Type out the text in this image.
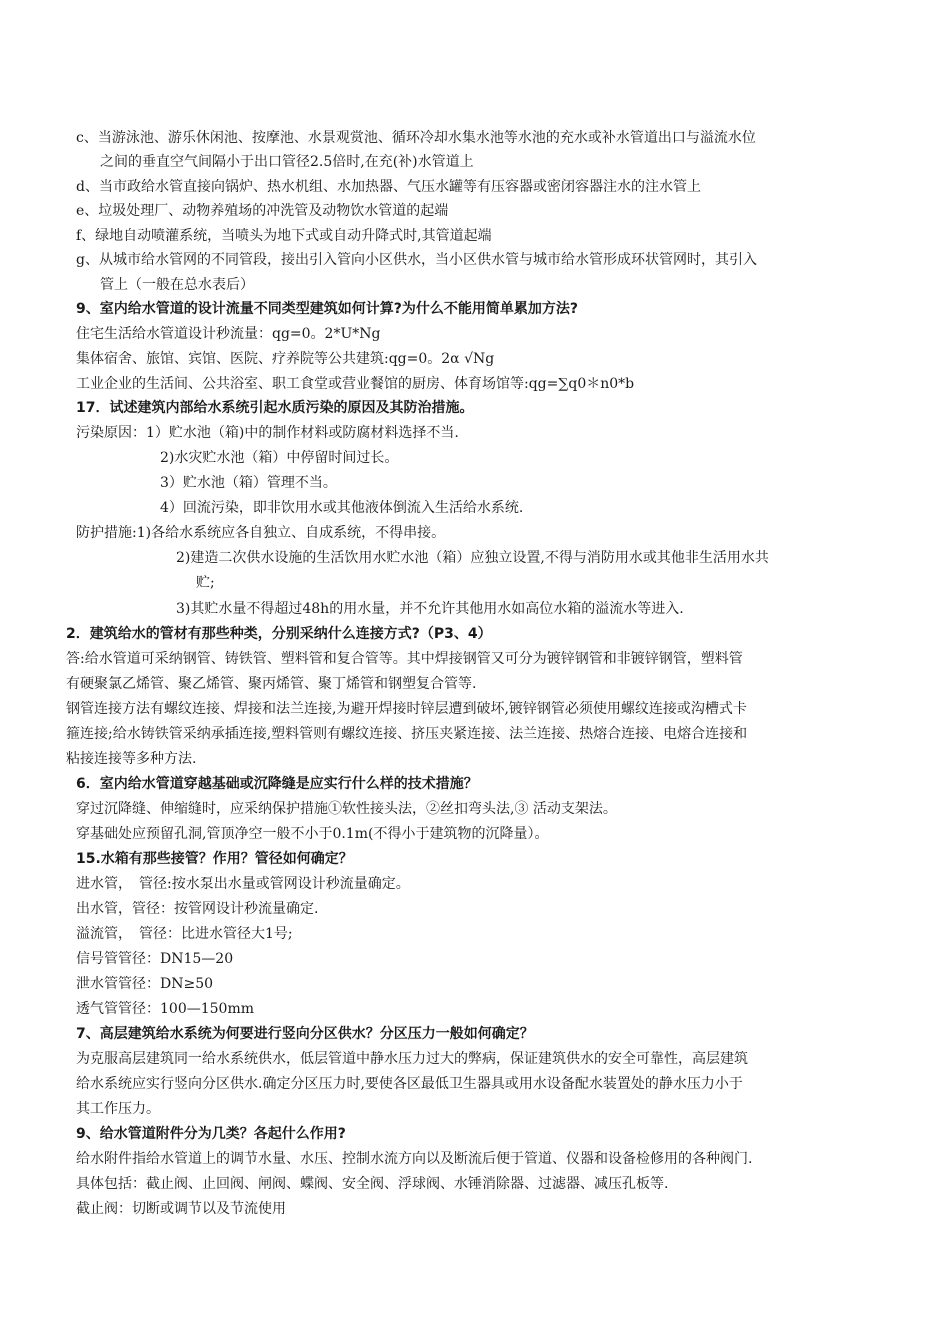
c、当游泳池、游乐休闲池、按摩池、水景观赏池、循环冷却水集水池等水池的充水或补水管道出口与溢流水位
之间的垂直空气间隔小于出口管径2.5倍时,在充(补)水管道上
d、当市政给水管直接向锅炉、热水机组、水加热器、气压水罐等有压容器或密闭容器注水的注水管上
e、垃圾处理厂、动物养殖场的冲洗管及动物饮水管道的起端
f、绿地自动喷灌系统，当喷头为地下式或自动升降式时,其管道起端
g、从城市给水管网的不同管段，接出引入管向小区供水，当小区供水管与城市给水管形成环状管网时，其引入
管上（一般在总水表后）
9、室内给水管道的设计流量不同类型建筑如何计算?为什么不能用简单累加方法?
住宅生活给水管道设计秒流量：qg=0。2*U*Ng
集体宿舍、旅馆、宾馆、医院、疗养院等公共建筑:qg=0。2α √Ng
工业企业的生活间、公共浴室、职工食堂或营业餐馆的厨房、体育场馆等:qg=∑q0＊n0*b
17．试述建筑内部给水系统引起水质污染的原因及其防治措施。
污染原因：1）贮水池（箱)中的制作材料或防腐材料选择不当.
2)水灾贮水池（箱）中停留时间过长。
3）贮水池（箱）管理不当。
4）回流污染，即非饮用水或其他液体倒流入生活给水系统.
防护措施:1)各给水系统应各自独立、自成系统，不得串接。
2)建造二次供水设施的生活饮用水贮水池（箱）应独立设置,不得与消防用水或其他非生活用水共
贮;
3)其贮水量不得超过48h的用水量，并不允许其他用水如高位水箱的溢流水等进入.
2．建筑给水的管材有那些种类，分别采纳什么连接方式?（P3、4）
答:给水管道可采纳钢管、铸铁管、塑料管和复合管等。其中焊接钢管又可分为镀锌钢管和非镀锌钢管，塑料管
有硬聚氯乙烯管、聚乙烯管、聚丙烯管、聚丁烯管和钢塑复合管等.
钢管连接方法有螺纹连接、焊接和法兰连接,为避开焊接时锌层遭到破坏,镀锌钢管必须使用螺纹连接或沟槽式卡
箍连接;给水铸铁管采纳承插连接,塑料管则有螺纹连接、挤压夹紧连接、法兰连接、热熔合连接、电熔合连接和
粘接连接等多种方法.
6．室内给水管道穿越基础或沉降缝是应实行什么样的技术措施？
穿过沉降缝、伸缩缝时，应采纳保护措施①软性接头法，②丝扣弯头法,③ 活动支架法。
穿基础处应预留孔洞,管顶净空一般不小于0.1m(不得小于建筑物的沉降量）。
15.水箱有那些接管？作用？管径如何确定？
进水管，　管径:按水泵出水量或管网设计秒流量确定。
出水管，管径：按管网设计秒流量确定.
溢流管，　管径：比进水管径大1号;
信号管管径：DN15—20
泄水管管径：DN≥50
透气管管径：100—150mm
7、高层建筑给水系统为何要进行竖向分区供水？分区压力一般如何确定？
为克服高层建筑同一给水系统供水，低层管道中静水压力过大的弊病，保证建筑供水的安全可靠性，高层建筑
给水系统应实行竖向分区供水.确定分区压力时,要使各区最低卫生器具或用水设备配水装置处的静水压力小于
其工作压力。
9、给水管道附件分为几类？各起什么作用?
给水附件指给水管道上的调节水量、水压、控制水流方向以及断流后便于管道、仪器和设备检修用的各种阀门.
具体包括：截止阀、止回阀、闸阀、蝶阀、安全阀、浮球阀、水锤消除器、过滤器、减压孔板等.
截止阀：切断或调节以及节流使用
